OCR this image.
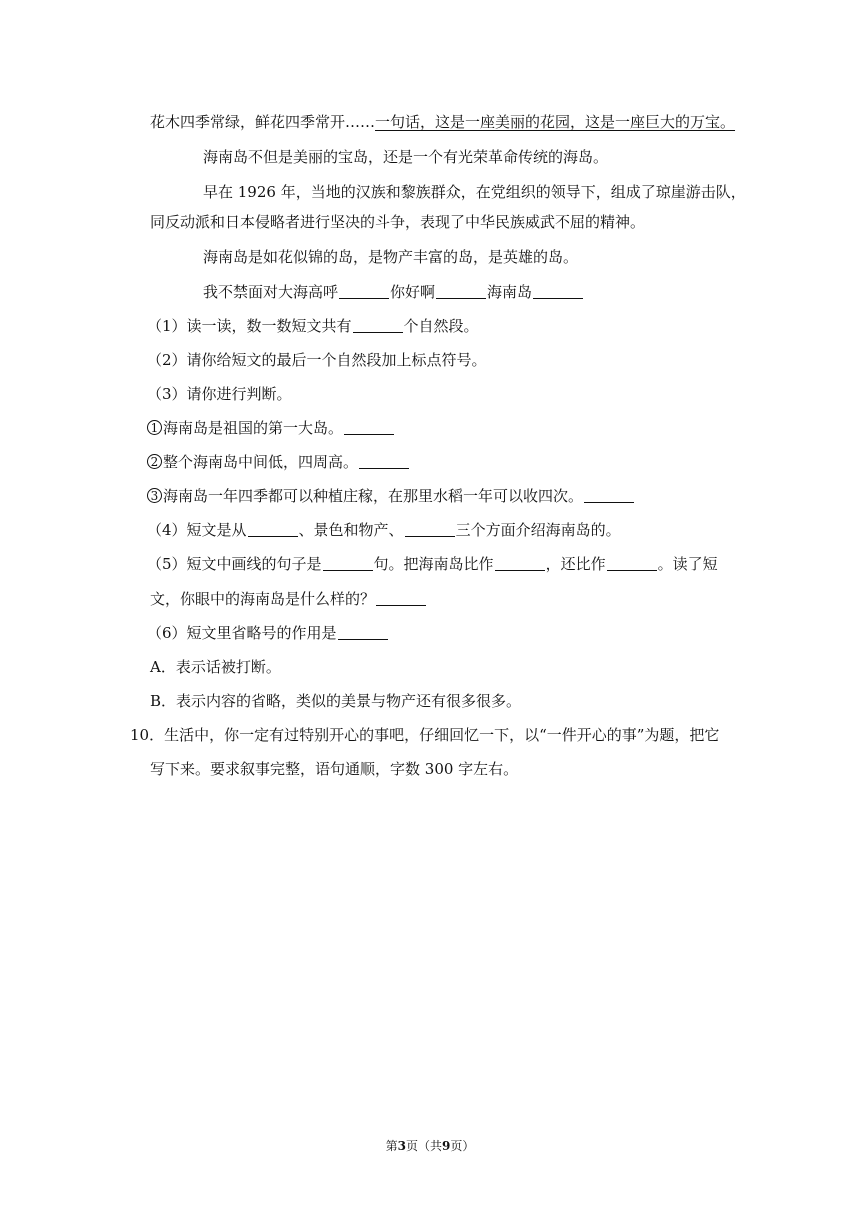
花木四季常绿，鲜花四季常开……一句话，这是一座美丽的花园，这是一座巨大的万宝。
海南岛不但是美丽的宝岛，还是一个有光荣革命传统的海岛。
早在 1926 年，当地的汉族和黎族群众，在党组织的领导下，组成了琼崖游击队，
同反动派和日本侵略者进行坚决的斗争，表现了中华民族威武不屈的精神。
海南岛是如花似锦的岛，是物产丰富的岛，是英雄的岛。
我不禁面对大海高呼	你好啊	海南岛
（1）读一读，数一数短文共有	个自然段。
（2）请你给短文的最后一个自然段加上标点符号。
（3）请你进行判断。
1 海南岛是祖国的第一大岛。
2 整个海南岛中间低，四周高。
3 海南岛一年四季都可以种植庄稼，在那里水稻一年可以收四次。
（4）短文是从	、景色和物产、	三个方面介绍海南岛的。
（5）短文中画线的句子是	句。把海南岛比作	，还比作	。读了短
文，你眼中的海南岛是什么样的？
（6）短文里省略号的作用是
A．表示话被打断。
B．表示内容的省略，类似的美景与物产还有很多很多。
10．生活中，你一定有过特别开心的事吧，仔细回忆一下，以“一件开心的事”为题，把它
写下来。要求叙事完整，语句通顺，字数 300 字左右。
第3页（共9页）
